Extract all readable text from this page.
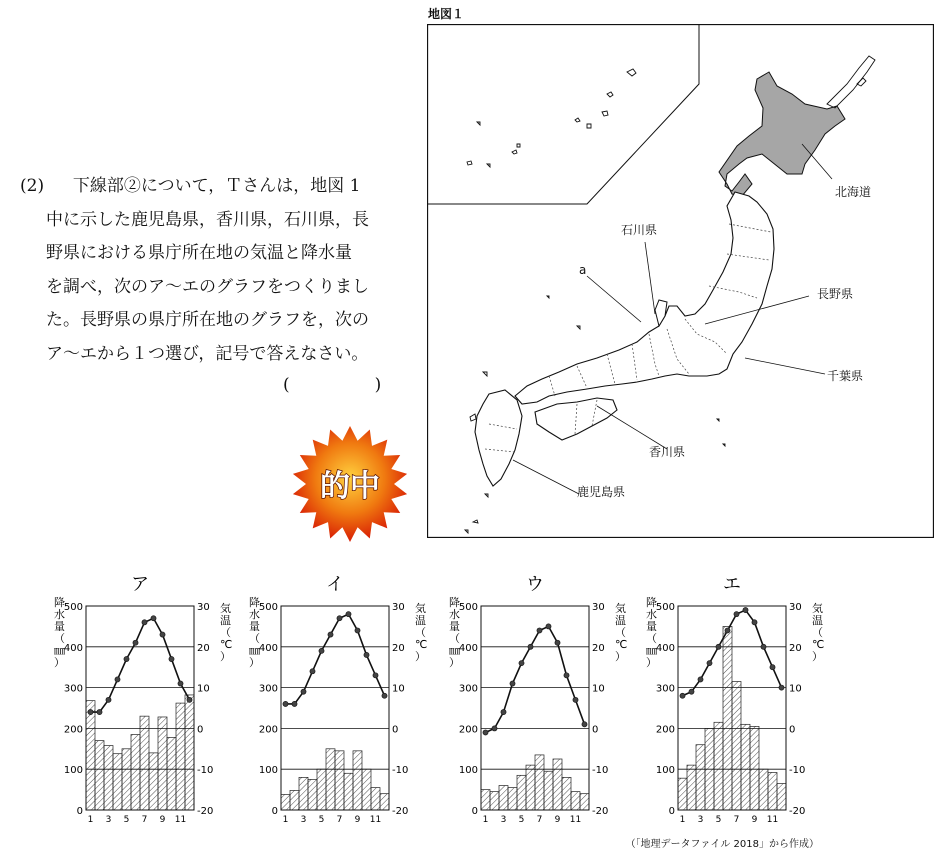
(2) 下線部②について，Ｔさんは，地図 1
中に示した鹿児島県，香川県，石川県，長
野県における県庁所在地の気温と降水量
を調べ，次のア～エのグラフをつくりまし
た。長野県の県庁所在地のグラフを，次の
ア～エから１つ選び，記号で答えなさい。
(　　　　　)
地図１
北海道
石川県
a
長野県
千葉県
香川県
鹿児島県
的中
ア
0
100
200
300
400
500
-20
-10
0
10
20
30
1 3 5 7 9 11
降水量（㎜）
気温（℃）
イ
0
100
200
300
400
500
-20
-10
0
10
20
30
1 3 5 7 9 11
降水量（㎜）
気温（℃）
ウ
0
100
200
300
400
500
-20
-10
0
10
20
30
1 3 5 7 9 11
降水量（㎜）
気温（℃）
エ
0
100
200
300
400
500
-20
-10
0
10
20
30
1 3 5 7 9 11
降水量（㎜）
気温（℃）
（「地理データファイル 2018」から作成）
